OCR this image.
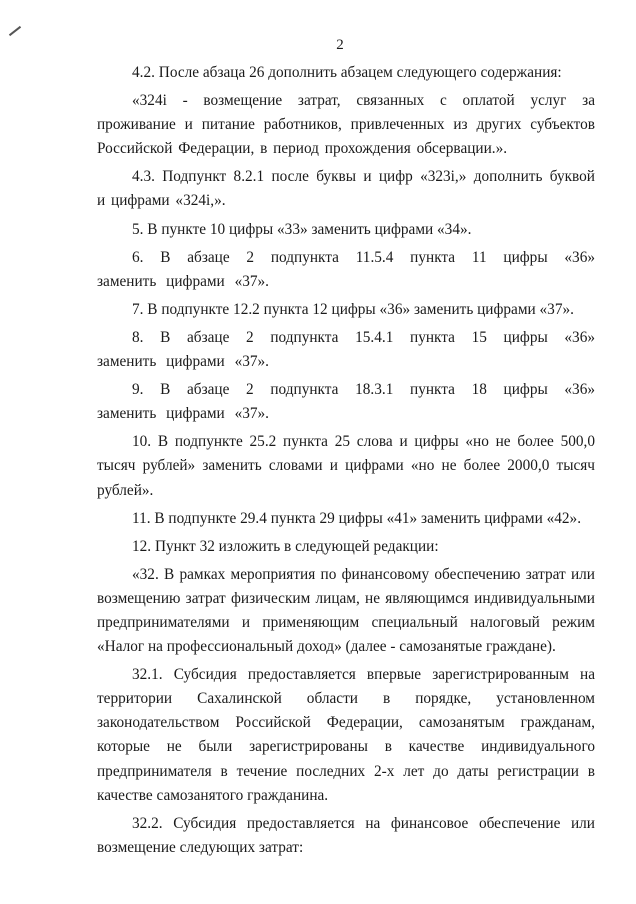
2

4.2. После абзаца 26 дополнить абзацем следующего содержания:

«324i - возмещение затрат, связанных с оплатой услуг за проживание и питание работников, привлеченных из других субъектов Российской Федерации, в период прохождения обсервации.».

4.3. Подпункт 8.2.1 после буквы и цифр «323i,» дополнить буквой и цифрами «324i,».

5. В пункте 10 цифры «33» заменить цифрами «34».

6. В абзаце 2 подпункта 11.5.4 пункта 11 цифры «36» заменить цифрами «37».

7. В подпункте 12.2 пункта 12 цифры «36» заменить цифрами «37».

8. В абзаце 2 подпункта 15.4.1 пункта 15 цифры «36» заменить цифрами «37».

9. В абзаце 2 подпункта 18.3.1 пункта 18 цифры «36» заменить цифрами «37».

10. В подпункте 25.2 пункта 25 слова и цифры «но не более 500,0 тысяч рублей» заменить словами и цифрами «но не более 2000,0 тысяч рублей».

11. В подпункте 29.4 пункта 29 цифры «41» заменить цифрами «42».

12. Пункт 32 изложить в следующей редакции:

«32. В рамках мероприятия по финансовому обеспечению затрат или возмещению затрат физическим лицам, не являющимся индивидуальными предпринимателями и применяющим специальный налоговый режим «Налог на профессиональный доход» (далее - самозанятые граждане).

32.1. Субсидия предоставляется впервые зарегистрированным на территории Сахалинской области в порядке, установленном законодательством Российской Федерации, самозанятым гражданам, которые не были зарегистрированы в качестве индивидуального предпринимателя в течение последних 2-х лет до даты регистрации в качестве самозанятого гражданина.

32.2. Субсидия предоставляется на финансовое обеспечение или возмещение следующих затрат:
